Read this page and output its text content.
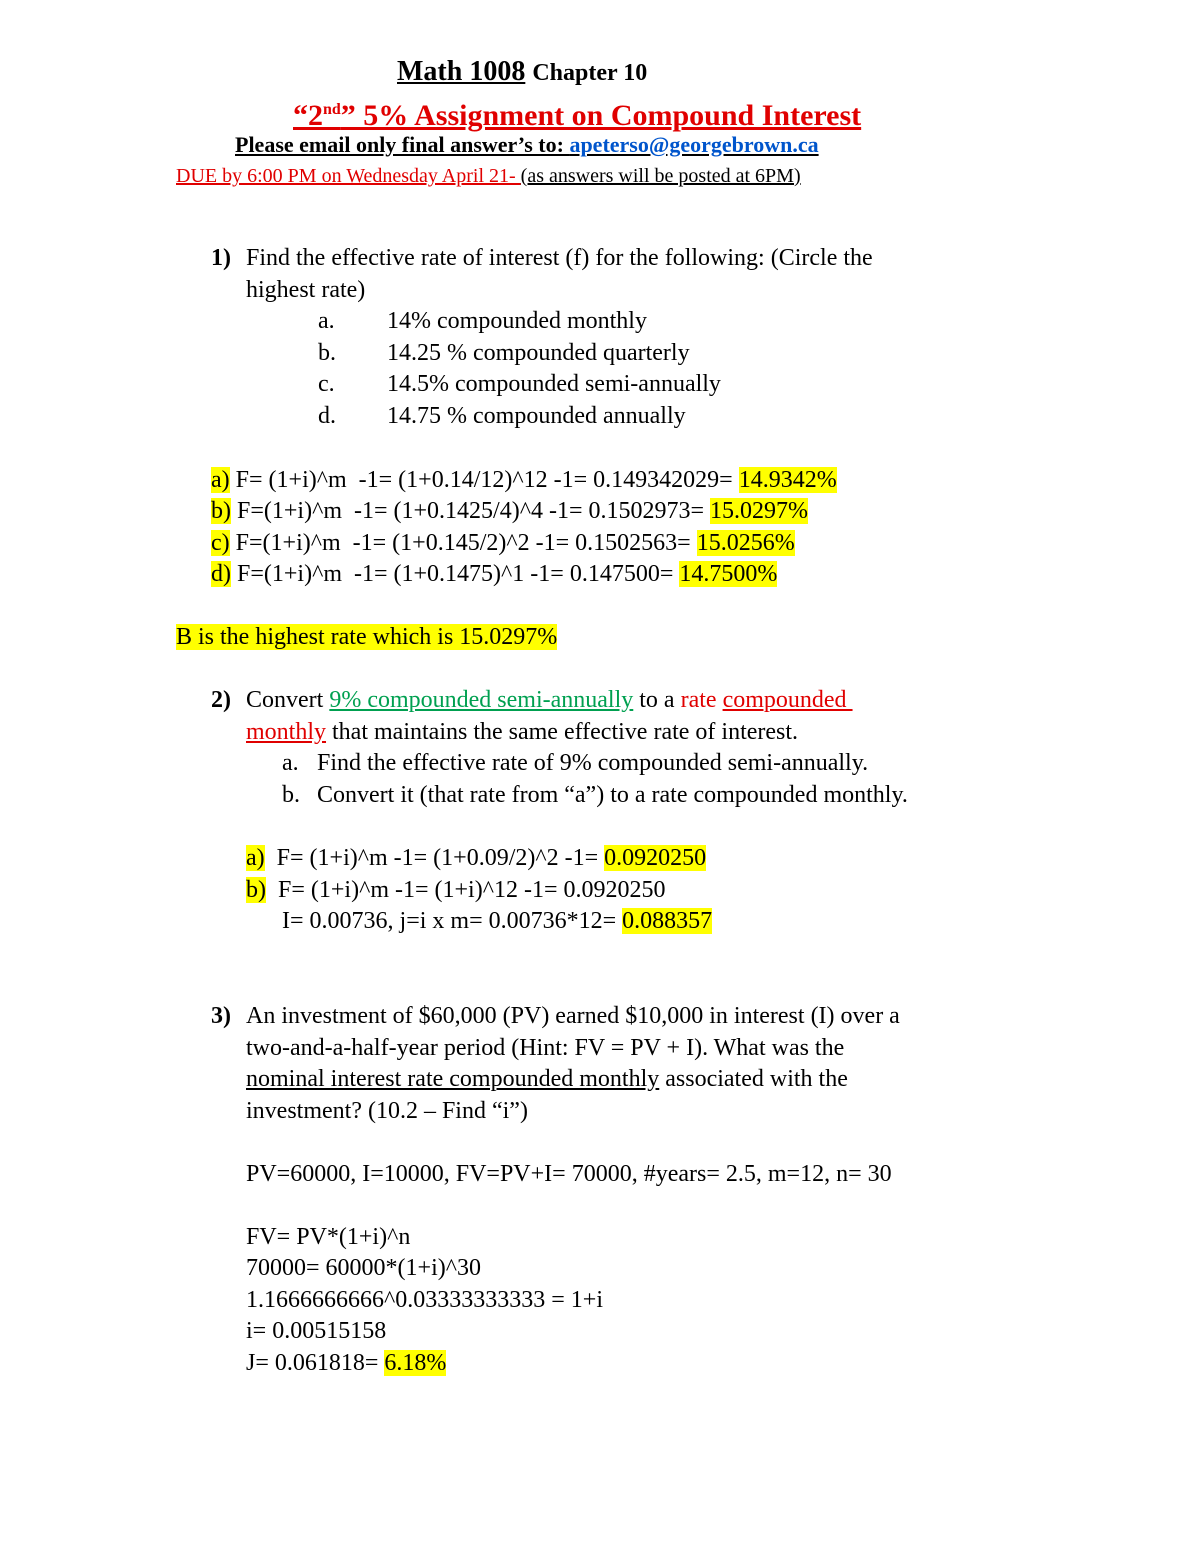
Math 1008 Chapter 10
“2nd” 5% Assignment on Compound Interest
Please email only final answer’s to: apeterso@georgebrown.ca
DUE by 6:00 PM on Wednesday April 21- (as answers will be posted at 6PM)
1) Find the effective rate of interest (f) for the following: (Circle the
highest rate)
a. 14% compounded monthly
b. 14.25 % compounded quarterly
c. 14.5% compounded semi-annually
d. 14.75 % compounded annually
a) F= (1+i)^m  -1= (1+0.14/12)^12 -1= 0.149342029= 14.9342%
b) F=(1+i)^m  -1= (1+0.1425/4)^4 -1= 0.1502973= 15.0297%
c) F=(1+i)^m  -1= (1+0.145/2)^2 -1= 0.1502563= 15.0256%
d) F=(1+i)^m  -1= (1+0.1475)^1 -1= 0.147500= 14.7500%
B is the highest rate which is 15.0297%
2) Convert 9% compounded semi-annually to a rate compounded
monthly that maintains the same effective rate of interest.
a. Find the effective rate of 9% compounded semi-annually.
b. Convert it (that rate from “a”) to a rate compounded monthly.
a) F= (1+i)^m -1= (1+0.09/2)^2 -1= 0.0920250
b) F= (1+i)^m -1= (1+i)^12 -1= 0.0920250
I= 0.00736, j=i x m= 0.00736*12= 0.088357
3) An investment of $60,000 (PV) earned $10,000 in interest (I) over a
two-and-a-half-year period (Hint: FV = PV + I). What was the
nominal interest rate compounded monthly associated with the
investment? (10.2 – Find “i”)
PV=60000, I=10000, FV=PV+I= 70000, #years= 2.5, m=12, n= 30
FV= PV*(1+i)^n
70000= 60000*(1+i)^30
1.1666666666^0.03333333333 = 1+i
i= 0.00515158
J= 0.061818= 6.18%
